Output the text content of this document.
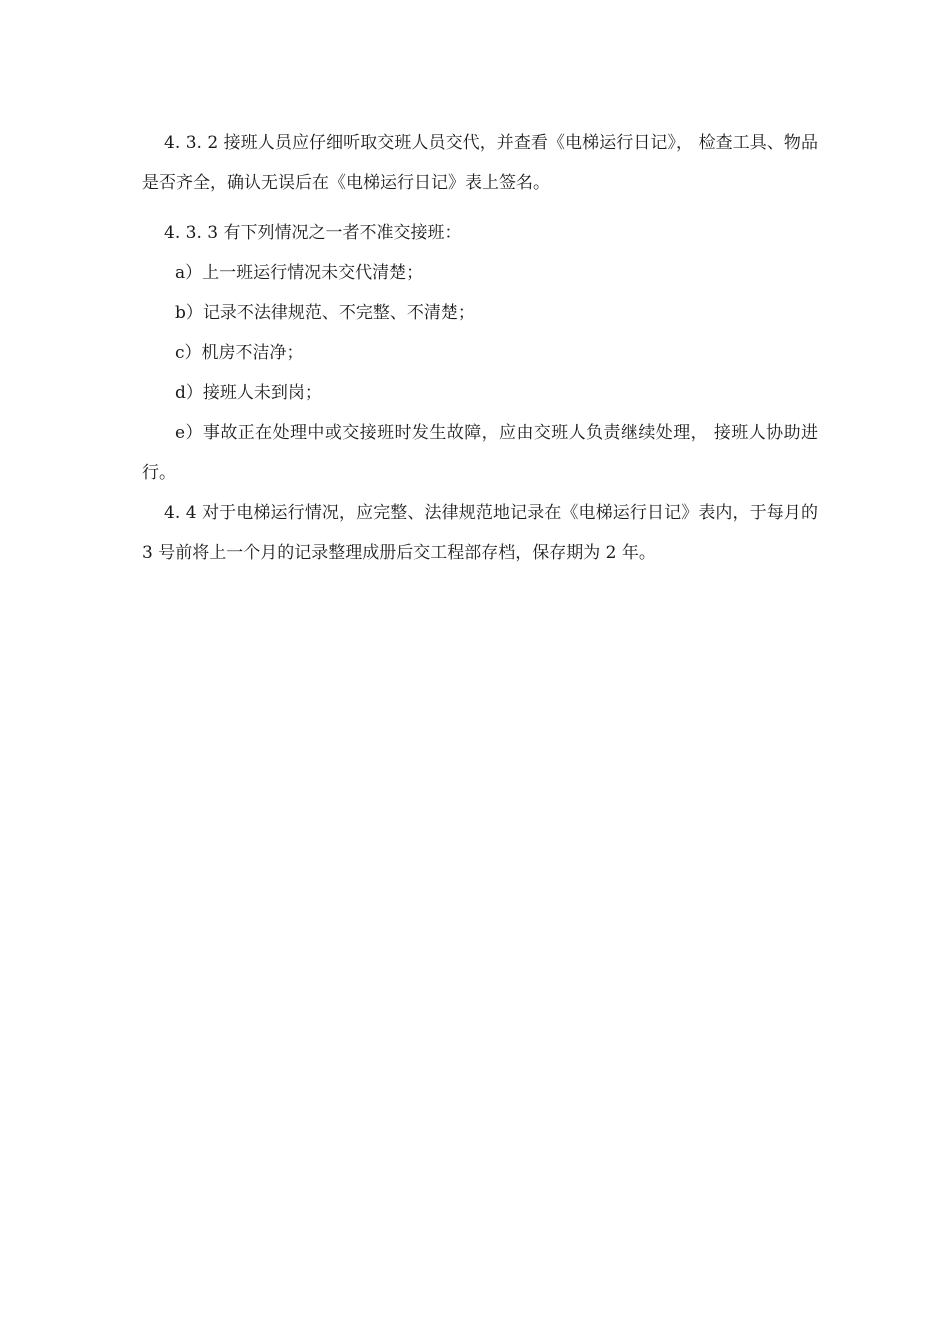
4. 3. 2 接班人员应仔细听取交班人员交代，并查看《电梯运行日记》， 检查工具、物品是否齐全，确认无误后在《电梯运行日记》表上签名。

4. 3. 3 有下列情况之一者不准交接班：

a）上一班运行情况未交代清楚；

b）记录不法律规范、不完整、不清楚；

c）机房不洁净；

d）接班人未到岗；

e）事故正在处理中或交接班时发生故障，应由交班人负责继续处理， 接班人协助进行。

4. 4 对于电梯运行情况，应完整、法律规范地记录在《电梯运行日记》表内，于每月的 3 号前将上一个月的记录整理成册后交工程部存档，保存期为 2 年。
